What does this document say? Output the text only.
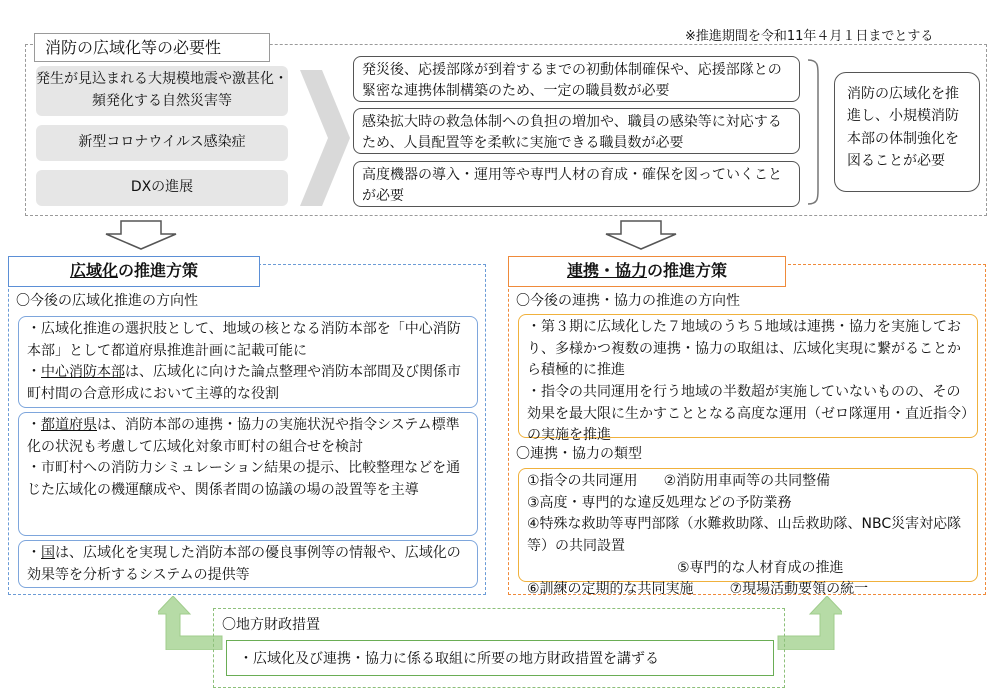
消防の広域化等の必要性
※推進期間を令和11年４月１日までとする
発生が見込まれる大規模地震や激甚化・頻発化する自然災害等
新型コロナウイルス感染症
DXの進展
発災後、応援部隊が到着するまでの初動体制確保や、応援部隊との緊密な連携体制構築のため、一定の職員数が必要
感染拡大時の救急体制への負担の増加や、職員の感染等に対応するため、人員配置等を柔軟に実施できる職員数が必要
高度機器の導入・運用等や専門人材の育成・確保を図っていくことが必要
消防の広域化を推進し、小規模消防本部の体制強化を図ることが必要
広域化の推進方策
〇今後の広域化推進の方向性

・広域化推進の選択肢として、地域の核となる消防本部を「中心消防本部」として都道府県推進計画に記載可能に

・中心消防本部は、広域化に向けた論点整理や消防本部間及び関係市町村間の合意形成において主導的な役割

・都道府県は、消防本部の連携・協力の実施状況や指令システム標準化の状況も考慮して広域化対象市町村の組合せを検討

・市町村への消防力シミュレーション結果の提示、比較整理などを通じた広域化の機運醸成や、関係者間の協議の場の設置等を主導

・国は、広域化を実現した消防本部の優良事例等の情報や、広域化の効果等を分析するシステムの提供等

連携・協力の推進方策
〇今後の連携・協力の推進の方向性

・第３期に広域化した７地域のうち５地域は連携・協力を実施しており、多様かつ複数の連携・協力の取組は、広域化実現に繋がることから積極的に推進

・指令の共同運用を行う地域の半数超が実施していないものの、その効果を最大限に生かすこととなる高度な運用（ゼロ隊運用・直近指令）の実施を推進

〇連携・協力の類型

①指令の共同運用 ②消防用車両等の共同整備

③高度・専門的な違反処理などの予防業務

④特殊な救助等専門部隊（水難救助隊、山岳救助隊、NBC災害対応隊等）の共同設置

⑤専門的な人材育成の推進

⑥訓練の定期的な共同実施	⑦現場活動要領の統一

〇地方財政措置
・広域化及び連携・協力に係る取組に所要の地方財政措置を講ずる
